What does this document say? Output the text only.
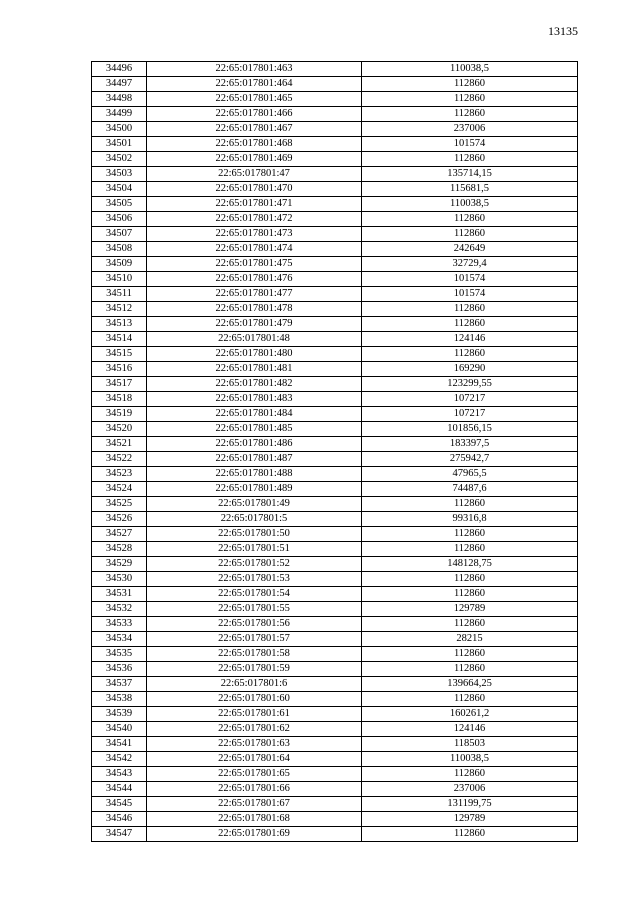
13135
34496	22:65:017801:463	110038,5
34497	22:65:017801:464	112860
34498	22:65:017801:465	112860
34499	22:65:017801:466	112860
34500	22:65:017801:467	237006
34501	22:65:017801:468	101574
34502	22:65:017801:469	112860
34503	22:65:017801:47	135714,15
34504	22:65:017801:470	115681,5
34505	22:65:017801:471	110038,5
34506	22:65:017801:472	112860
34507	22:65:017801:473	112860
34508	22:65:017801:474	242649
34509	22:65:017801:475	32729,4
34510	22:65:017801:476	101574
34511	22:65:017801:477	101574
34512	22:65:017801:478	112860
34513	22:65:017801:479	112860
34514	22:65:017801:48	124146
34515	22:65:017801:480	112860
34516	22:65:017801:481	169290
34517	22:65:017801:482	123299,55
34518	22:65:017801:483	107217
34519	22:65:017801:484	107217
34520	22:65:017801:485	101856,15
34521	22:65:017801:486	183397,5
34522	22:65:017801:487	275942,7
34523	22:65:017801:488	47965,5
34524	22:65:017801:489	74487,6
34525	22:65:017801:49	112860
34526	22:65:017801:5	99316,8
34527	22:65:017801:50	112860
34528	22:65:017801:51	112860
34529	22:65:017801:52	148128,75
34530	22:65:017801:53	112860
34531	22:65:017801:54	112860
34532	22:65:017801:55	129789
34533	22:65:017801:56	112860
34534	22:65:017801:57	28215
34535	22:65:017801:58	112860
34536	22:65:017801:59	112860
34537	22:65:017801:6	139664,25
34538	22:65:017801:60	112860
34539	22:65:017801:61	160261,2
34540	22:65:017801:62	124146
34541	22:65:017801:63	118503
34542	22:65:017801:64	110038,5
34543	22:65:017801:65	112860
34544	22:65:017801:66	237006
34545	22:65:017801:67	131199,75
34546	22:65:017801:68	129789
34547	22:65:017801:69	112860
